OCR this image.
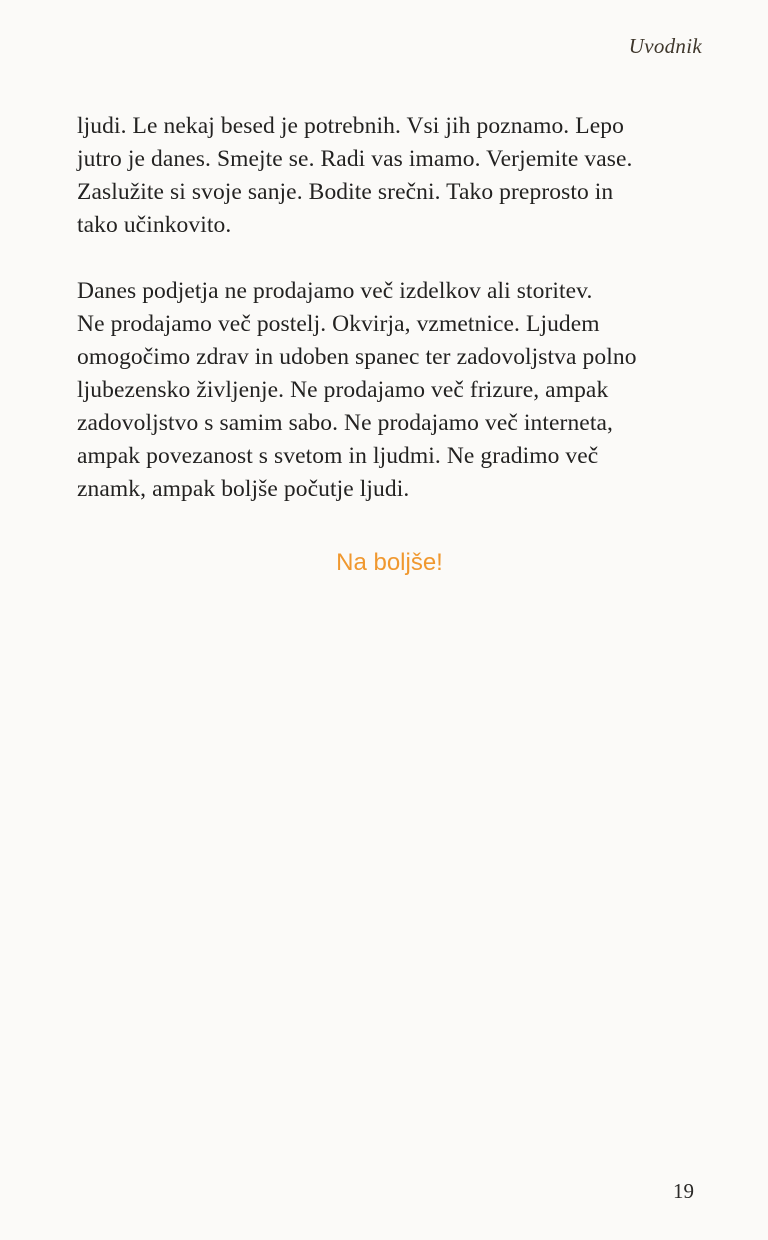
Uvodnik
ljudi. Le nekaj besed je potrebnih. Vsi jih poznamo. Lepo
jutro je danes. Smejte se. Radi vas imamo. Verjemite vase.
Zaslužite si svoje sanje. Bodite srečni. Tako preprosto in
tako učinkovito.
Danes podjetja ne prodajamo več izdelkov ali storitev.
Ne prodajamo več postelj. Okvirja, vzmetnice. Ljudem
omogočimo zdrav in udoben spanec ter zadovoljstva polno
ljubezensko življenje. Ne prodajamo več frizure, ampak
zadovoljstvo s samim sabo. Ne prodajamo več interneta,
ampak povezanost s svetom in ljudmi. Ne gradimo več
znamk, ampak boljše počutje ljudi.
Na boljše!
19
